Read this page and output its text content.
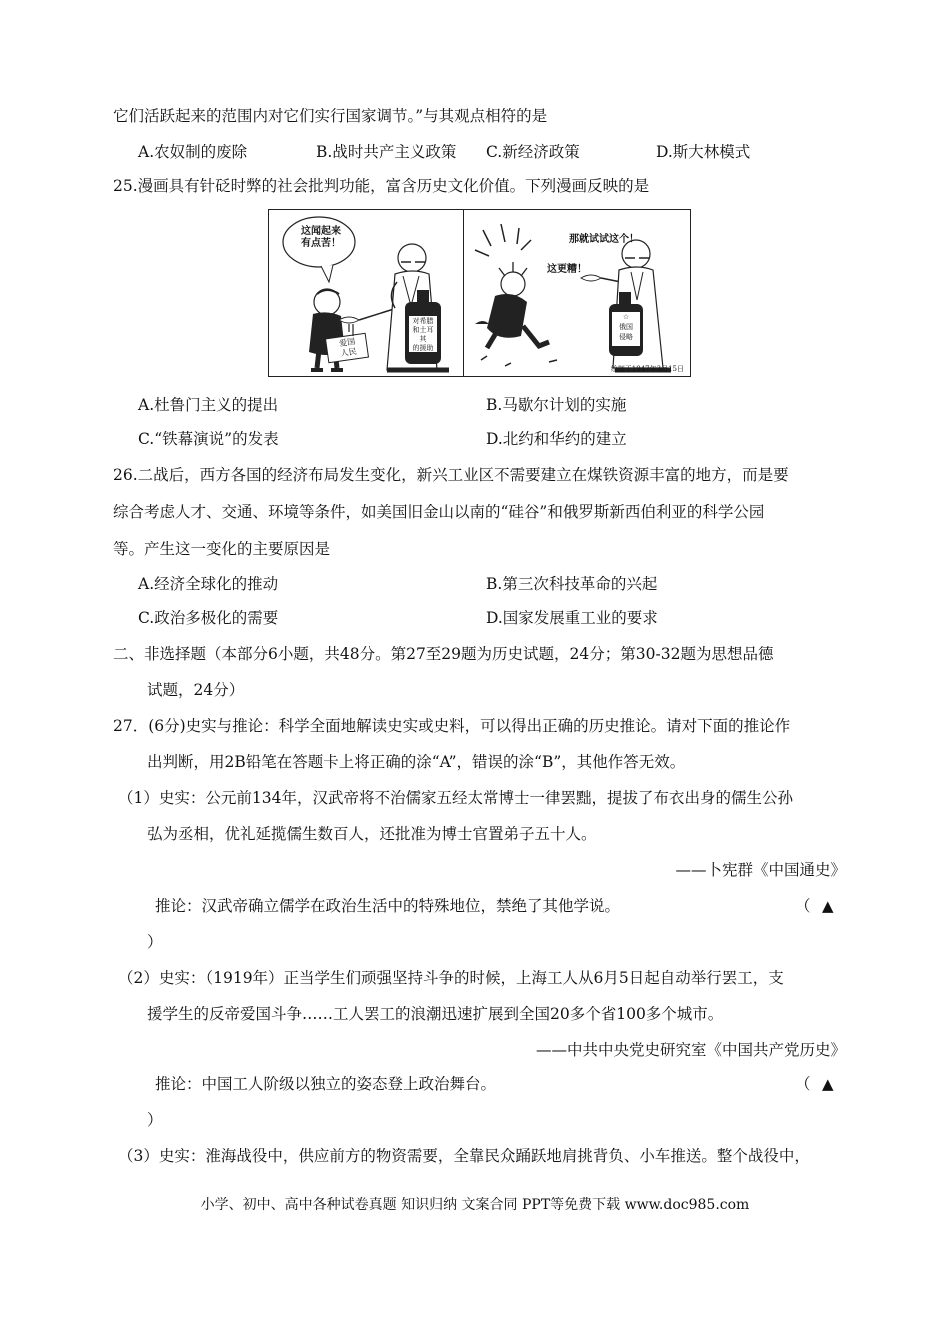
它们活跃起来的范围内对它们实行国家调节。”与其观点相符的是
A.农奴制的废除	B.战时共产主义政策 C.新经济政策	D.斯大林模式
25.漫画具有针砭时弊的社会批判功能，富含历史文化价值。下列漫画反映的是
这闻起来
有点苦！
对希腊
和土耳其
的援助
爱国
人民
那就试试这个！
这更糟！
☆
俄国
侵略
绘制于1947年3月15日
A.杜鲁门主义的提出	B.马歇尔计划的实施
C.“铁幕演说”的发表	D.北约和华约的建立
26.二战后，西方各国的经济布局发生变化，新兴工业区不需要建立在煤铁资源丰富的地方，而是要
综合考虑人才、交通、环境等条件，如美国旧金山以南的“硅谷”和俄罗斯新西伯利亚的科学公园
等。产生这一变化的主要原因是
A.经济全球化的推动	B.第三次科技革命的兴起
C.政治多极化的需要	D.国家发展重工业的要求
二、非选择题（本部分6小题，共48分。第27至29题为历史试题，24分；第30-32题为思想品德
试题，24分）
27．(6分)史实与推论：科学全面地解读史实或史料，可以得出正确的历史推论。请对下面的推论作
出判断，用2B铅笔在答题卡上将正确的涂“A”，错误的涂“B”，其他作答无效。
（1）史实：公元前134年，汉武帝将不治儒家五经太常博士一律罢黜，提拔了布衣出身的儒生公孙
弘为丞相，优礼延揽儒生数百人，还批准为博士官置弟子五十人。
——卜宪群《中国通史》
推论：汉武帝确立儒学在政治生活中的特殊地位，禁绝了其他学说。	（ ▲
）
（2）史实：（1919年）正当学生们顽强坚持斗争的时候，上海工人从6月5日起自动举行罢工，支
援学生的反帝爱国斗争……工人罢工的浪潮迅速扩展到全国20多个省100多个城市。
——中共中央党史研究室《中国共产党历史》
推论：中国工人阶级以独立的姿态登上政治舞台。	（ ▲
）
（3）史实：淮海战役中，供应前方的物资需要，全靠民众踊跃地肩挑背负、小车推送。整个战役中，
小学、初中、高中各种试卷真题 知识归纳 文案合同 PPT等免费下载 www.doc985.com
